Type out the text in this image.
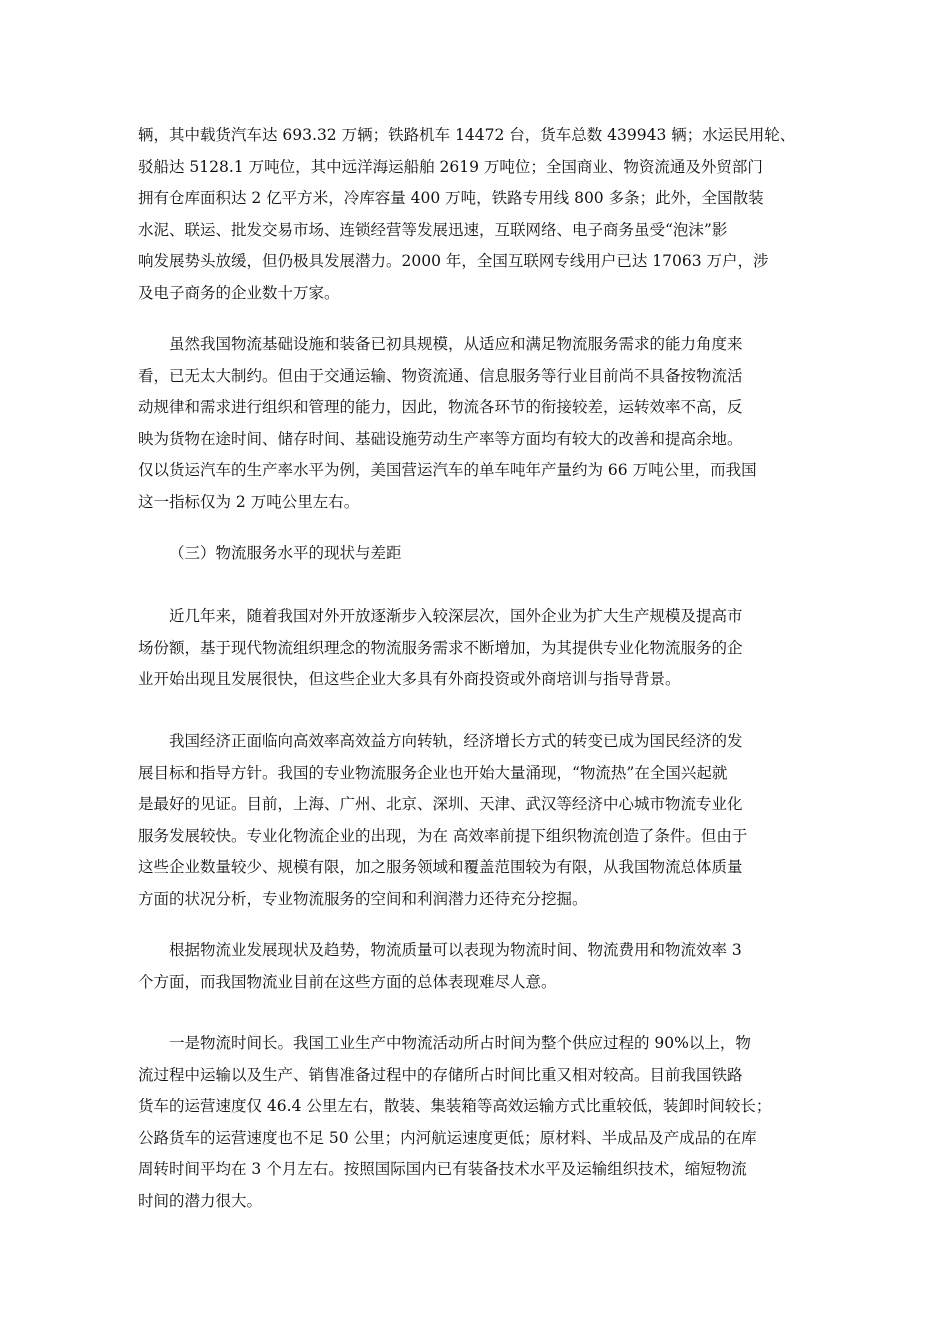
辆，其中载货汽车达 693.32 万辆；铁路机车 14472 台，货车总数 439943 辆；水运民用轮、
驳船达 5128.1 万吨位，其中远洋海运船舶 2619 万吨位；全国商业、物资流通及外贸部门
拥有仓库面积达 2 亿平方米，冷库容量 400 万吨，铁路专用线 800 多条；此外，全国散装
水泥、联运、批发交易市场、连锁经营等发展迅速，互联网络、电子商务虽受“泡沫”影
响发展势头放缓，但仍极具发展潜力。2000 年，全国互联网专线用户已达 17063 万户，涉
及电子商务的企业数十万家。

虽然我国物流基础设施和装备已初具规模，从适应和满足物流服务需求的能力角度来
看，已无太大制约。但由于交通运输、物资流通、信息服务等行业目前尚不具备按物流活
动规律和需求进行组织和管理的能力，因此，物流各环节的衔接较差，运转效率不高，反
映为货物在途时间、储存时间、基础设施劳动生产率等方面均有较大的改善和提高余地。
仅以货运汽车的生产率水平为例，美国营运汽车的单车吨年产量约为 66 万吨公里，而我国
这一指标仅为 2 万吨公里左右。

（三）物流服务水平的现状与差距

近几年来，随着我国对外开放逐渐步入较深层次，国外企业为扩大生产规模及提高市
场份额，基于现代物流组织理念的物流服务需求不断增加，为其提供专业化物流服务的企
业开始出现且发展很快，但这些企业大多具有外商投资或外商培训与指导背景。

我国经济正面临向高效率高效益方向转轨，经济增长方式的转变已成为国民经济的发
展目标和指导方针。我国的专业物流服务企业也开始大量涌现，“物流热”在全国兴起就
是最好的见证。目前，上海、广州、北京、深圳、天津、武汉等经济中心城市物流专业化
服务发展较快。专业化物流企业的出现，为在 高效率前提下组织物流创造了条件。但由于
这些企业数量较少、规模有限，加之服务领域和覆盖范围较为有限，从我国物流总体质量
方面的状况分析，专业物流服务的空间和利润潜力还待充分挖掘。

根据物流业发展现状及趋势，物流质量可以表现为物流时间、物流费用和物流效率 3
个方面，而我国物流业目前在这些方面的总体表现难尽人意。

一是物流时间长。我国工业生产中物流活动所占时间为整个供应过程的 90%以上，物
流过程中运输以及生产、销售准备过程中的存储所占时间比重又相对较高。目前我国铁路
货车的运营速度仅 46.4 公里左右，散装、集装箱等高效运输方式比重较低，装卸时间较长；
公路货车的运营速度也不足 50 公里；内河航运速度更低；原材料、半成品及产成品的在库
周转时间平均在 3 个月左右。按照国际国内已有装备技术水平及运输组织技术，缩短物流
时间的潜力很大。
